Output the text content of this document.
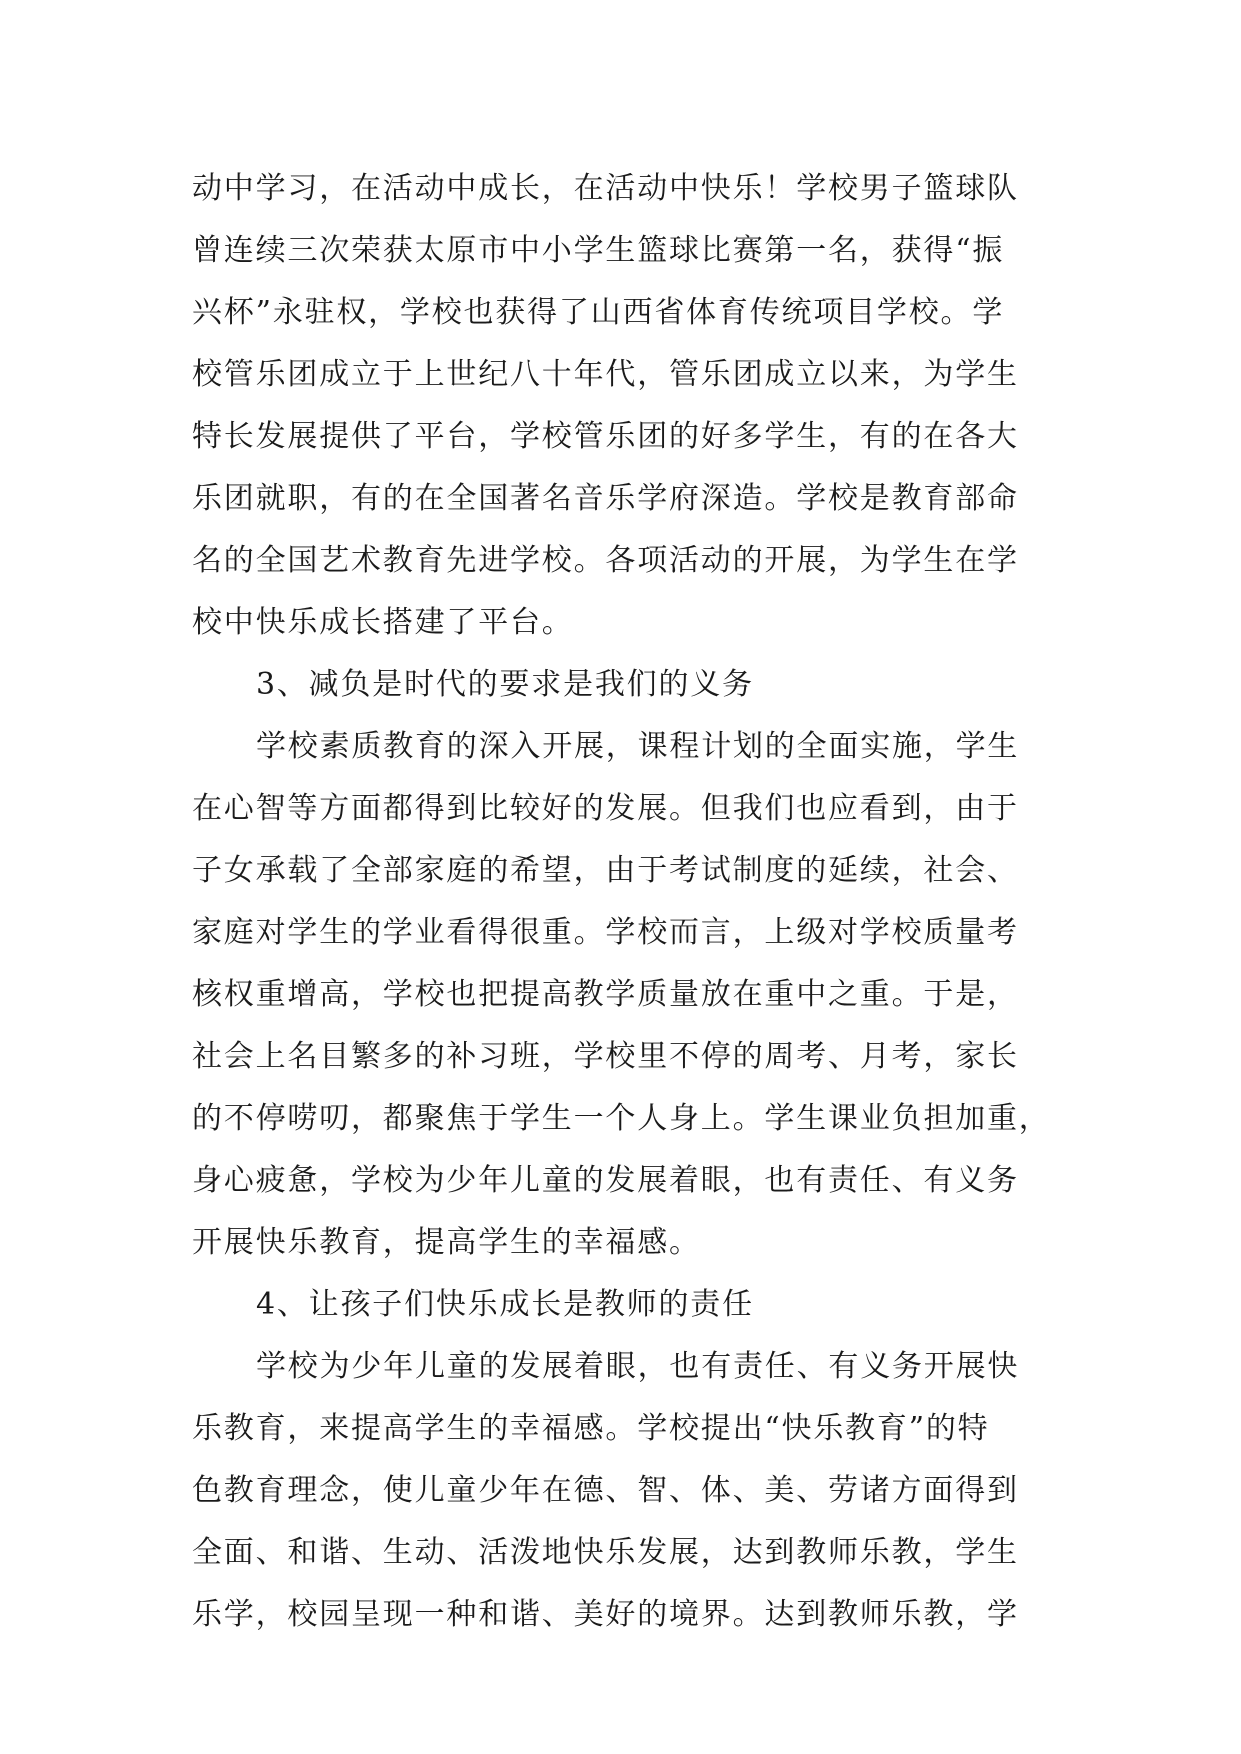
动中学习，在活动中成长，在活动中快乐！学校男子篮球队
曾连续三次荣获太原市中小学生篮球比赛第一名，获得“振
兴杯”永驻权，学校也获得了山西省体育传统项目学校。学
校管乐团成立于上世纪八十年代，管乐团成立以来，为学生
特长发展提供了平台，学校管乐团的好多学生，有的在各大
乐团就职，有的在全国著名音乐学府深造。学校是教育部命
名的全国艺术教育先进学校。各项活动的开展，为学生在学
校中快乐成长搭建了平台。
3、减负是时代的要求是我们的义务
学校素质教育的深入开展，课程计划的全面实施，学生
在心智等方面都得到比较好的发展。但我们也应看到，由于
子女承载了全部家庭的希望，由于考试制度的延续，社会、
家庭对学生的学业看得很重。学校而言，上级对学校质量考
核权重增高，学校也把提高教学质量放在重中之重。于是，
社会上名目繁多的补习班，学校里不停的周考、月考，家长
的不停唠叨，都聚焦于学生一个人身上。学生课业负担加重，
身心疲惫，学校为少年儿童的发展着眼，也有责任、有义务
开展快乐教育，提高学生的幸福感。
4、让孩子们快乐成长是教师的责任
学校为少年儿童的发展着眼，也有责任、有义务开展快
乐教育，来提高学生的幸福感。学校提出“快乐教育”的特
色教育理念，使儿童少年在德、智、体、美、劳诸方面得到
全面、和谐、生动、活泼地快乐发展，达到教师乐教，学生
乐学，校园呈现一种和谐、美好的境界。达到教师乐教，学
